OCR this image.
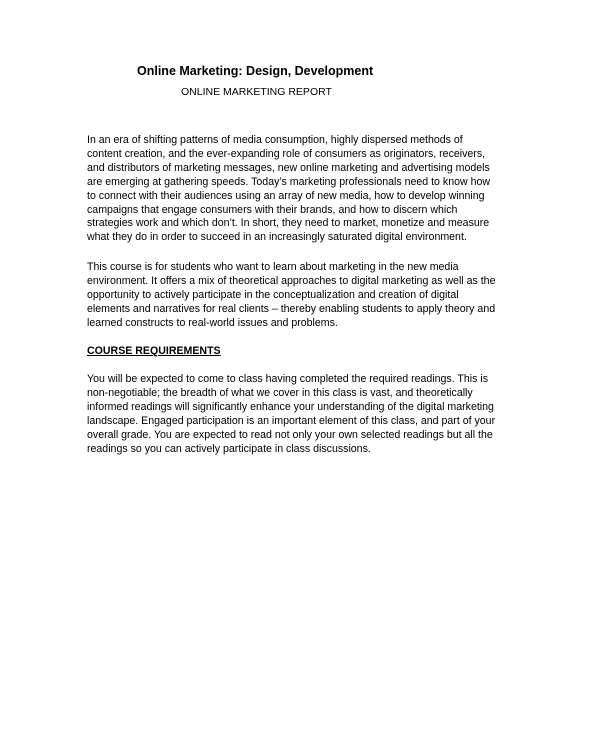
Online Marketing: Design, Development
ONLINE MARKETING REPORT

In an era of shifting patterns of media consumption, highly dispersed methods of
content creation, and the ever-expanding role of consumers as originators, receivers,
and distributors of marketing messages, new online marketing and advertising models
are emerging at gathering speeds. Today’s marketing professionals need to know how
to connect with their audiences using an array of new media, how to develop winning
campaigns that engage consumers with their brands, and how to discern which
strategies work and which don’t. In short, they need to market, monetize and measure
what they do in order to succeed in an increasingly saturated digital environment.

This course is for students who want to learn about marketing in the new media
environment. It offers a mix of theoretical approaches to digital marketing as well as the
opportunity to actively participate in the conceptualization and creation of digital
elements and narratives for real clients – thereby enabling students to apply theory and
learned constructs to real-world issues and problems.

COURSE REQUIREMENTS

You will be expected to come to class having completed the required readings. This is
non-negotiable; the breadth of what we cover in this class is vast, and theoretically
informed readings will significantly enhance your understanding of the digital marketing
landscape. Engaged participation is an important element of this class, and part of your
overall grade. You are expected to read not only your own selected readings but all the
readings so you can actively participate in class discussions.
